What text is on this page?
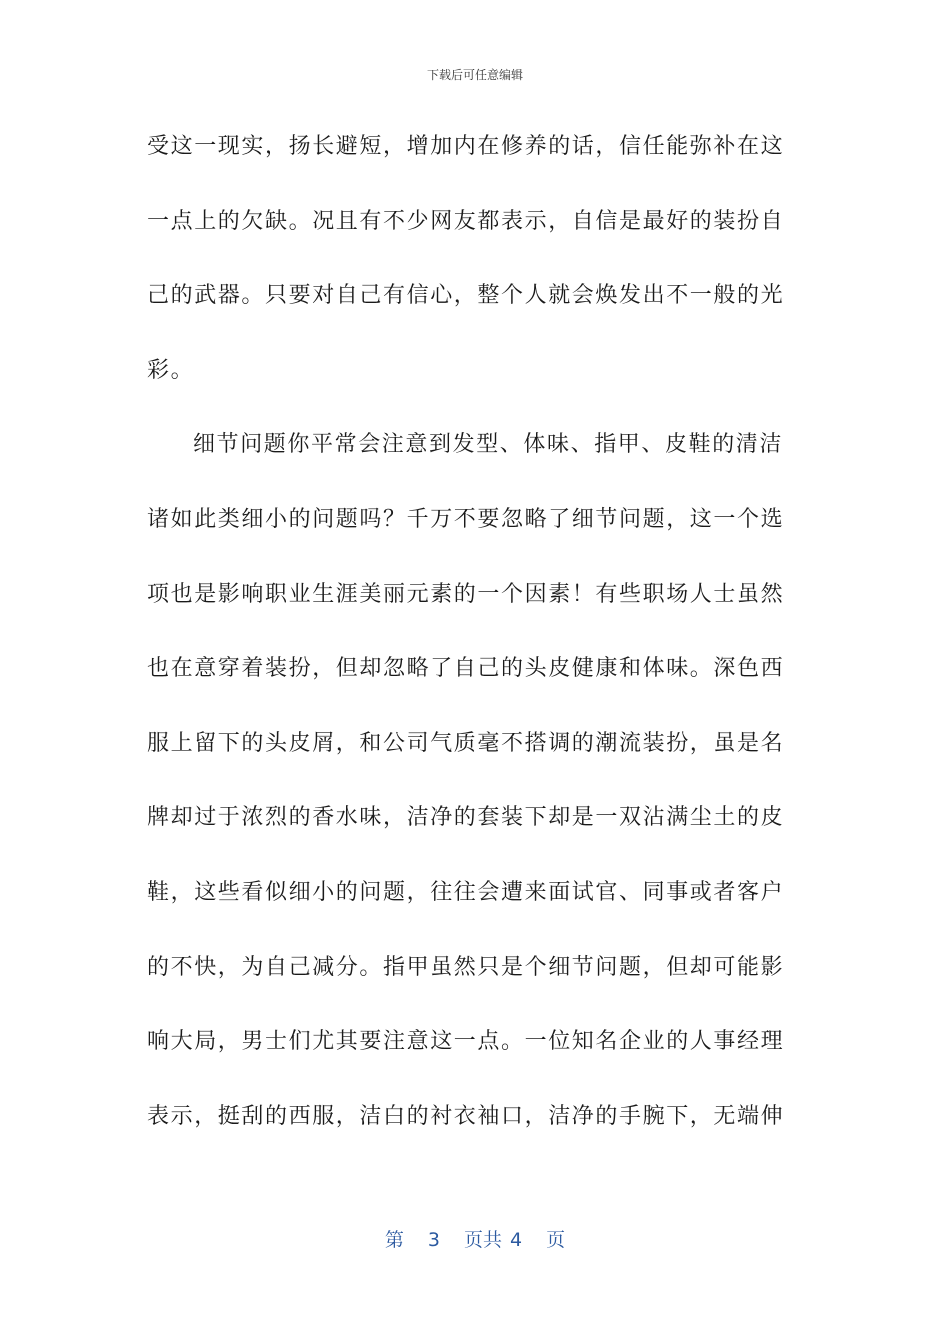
下载后可任意编辑
受这一现实，扬长避短，增加内在修养的话，信任能弥补在这
一点上的欠缺。况且有不少网友都表示，自信是最好的装扮自
己的武器。只要对自己有信心，整个人就会焕发出不一般的光
彩。
细节问题你平常会注意到发型、体味、指甲、皮鞋的清洁
诸如此类细小的问题吗？千万不要忽略了细节问题，这一个选
项也是影响职业生涯美丽元素的一个因素！有些职场人士虽然
也在意穿着装扮，但却忽略了自己的头皮健康和体味。深色西
服上留下的头皮屑，和公司气质毫不搭调的潮流装扮，虽是名
牌却过于浓烈的香水味，洁净的套装下却是一双沾满尘土的皮
鞋，这些看似细小的问题，往往会遭来面试官、同事或者客户
的不快，为自己减分。指甲虽然只是个细节问题，但却可能影
响大局，男士们尤其要注意这一点。一位知名企业的人事经理
表示，挺刮的西服，洁白的衬衣袖口，洁净的手腕下，无端伸
第 3 页共 4 页
